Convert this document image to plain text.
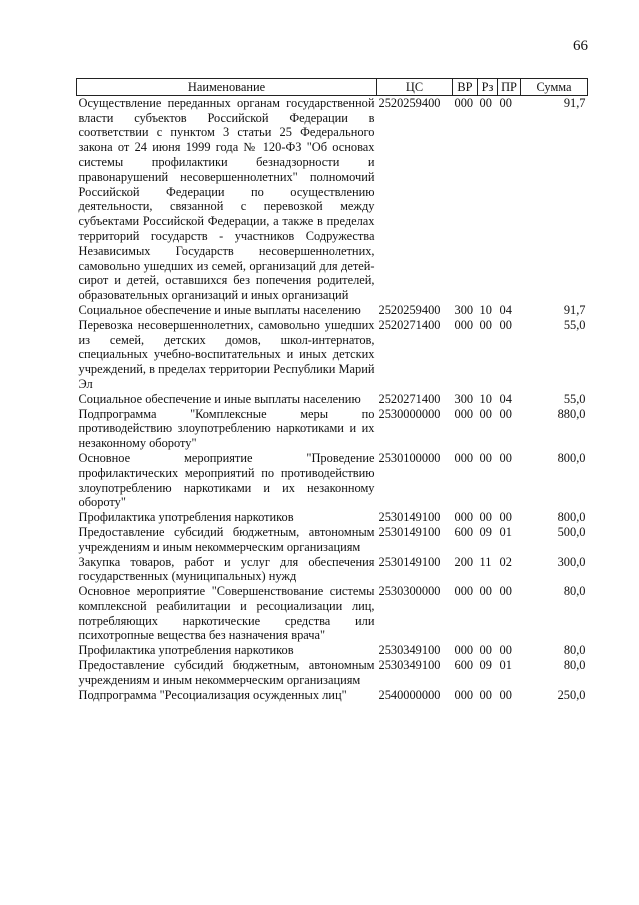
66
Наименование	ЦС	ВР	Рз	ПР	Сумма
Осуществление переданных органам государственной власти субъектов Российской Федерации в соответствии с пунктом 3 статьи 25 Федерального закона от 24 июня 1999 года № 120-ФЗ "Об основах системы профилактики безнадзорности и правонарушений несовершеннолетних" полномочий Российской Федерации по осуществлению деятельности, связанной с перевозкой между субъектами Российской Федерации, а также в пределах территорий государств - участников Содружества Независимых Государств несовершеннолетних, самовольно ушедших из семей, организаций для детей-сирот и детей, оставшихся без попечения родителей, образовательных организаций и иных организаций	2520259400	000	00	00	91,7
Социальное обеспечение и иные выплаты населению	2520259400	300	10	04	91,7
Перевозка несовершеннолетних, самовольно ушедших из семей, детских домов, школ-интернатов, специальных учебно-воспитательных и иных детских учреждений, в пределах территории Республики Марий Эл	2520271400	000	00	00	55,0
Социальное обеспечение и иные выплаты населению	2520271400	300	10	04	55,0
Подпрограмма "Комплексные меры по противодействию злоупотреблению наркотиками и их незаконному обороту"	2530000000	000	00	00	880,0
Основное мероприятие "Проведение профилактических мероприятий по противодействию злоупотреблению наркотиками и их незаконному обороту"	2530100000	000	00	00	800,0
Профилактика употребления наркотиков	2530149100	000	00	00	800,0
Предоставление субсидий бюджетным, автономным учреждениям и иным некоммерческим организациям	2530149100	600	09	01	500,0
Закупка товаров, работ и услуг для обеспечения государственных (муниципальных) нужд	2530149100	200	11	02	300,0
Основное мероприятие "Совершенствование системы комплексной реабилитации и ресоциализации лиц, потребляющих наркотические средства или психотропные вещества без назначения врача"	2530300000	000	00	00	80,0
Профилактика употребления наркотиков	2530349100	000	00	00	80,0
Предоставление субсидий бюджетным, автономным учреждениям и иным некоммерческим организациям	2530349100	600	09	01	80,0
Подпрограмма "Ресоциализация осужденных лиц"	2540000000	000	00	00	250,0
